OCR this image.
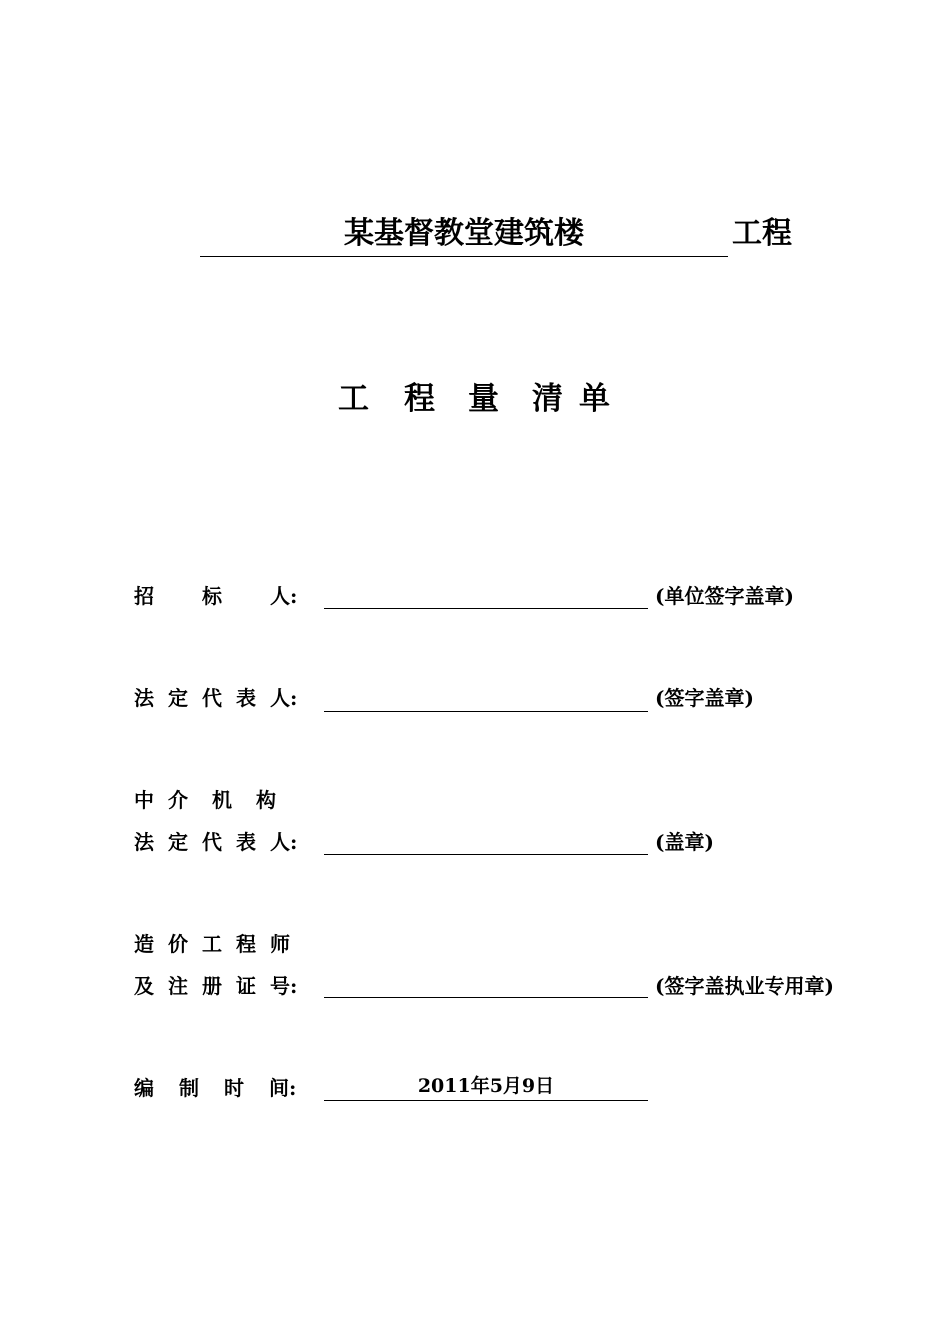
某基督教堂建筑楼	工程
工 程 量 清 单
招 标 人:	(单位签字盖章)
法 定 代 表 人:	(签字盖章)
中 介 机 构
法 定 代 表 人:	(盖章)
造 价 工 程 师
及 注 册 证 号:	(签字盖执业专用章)
编 制 时 间:	2011年5月9日
